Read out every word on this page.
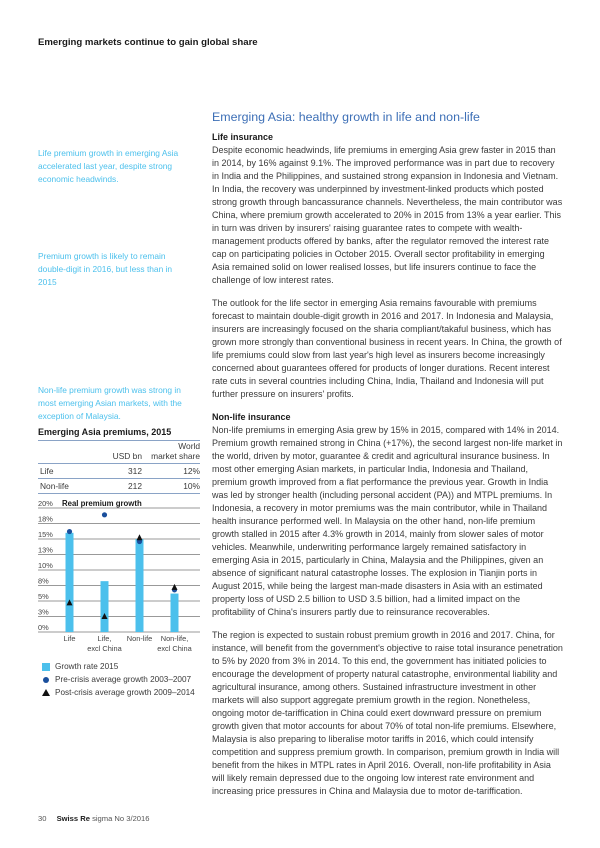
Emerging markets continue to gain global share
Emerging Asia: healthy growth in life and non-life
Life premium growth in emerging Asia accelerated last year, despite strong economic headwinds.
Premium growth is likely to remain double-digit in 2016, but less than in 2015
Non-life premium growth was strong in most emerging Asian markets, with the exception of Malaysia.
Life insurance

Despite economic headwinds, life premiums in emerging Asia grew faster in 2015 than in 2014, by 16% against 9.1%. The improved performance was in part due to recovery in India and the Philippines, and sustained strong expansion in Indonesia and Vietnam. In India, the recovery was underpinned by investment-linked products which posted strong growth through bancassurance channels. Nevertheless, the main contributor was China, where premium growth accelerated to 20% in 2015 from 13% a year earlier. This in turn was driven by insurers' raising guarantee rates to compete with wealth-management products offered by banks, after the regulator removed the interest rate cap on participating policies in October 2015. Overall sector profitability in emerging Asia remained solid on lower realised losses, but life insurers continue to face the challenge of low interest rates.

The outlook for the life sector in emerging Asia remains favourable with premiums forecast to maintain double-digit growth in 2016 and 2017. In Indonesia and Malaysia, insurers are increasingly focused on the sharia compliant/takaful business, which has grown more strongly than conventional business in recent years. In China, the growth of life premiums could slow from last year's high level as insurers become increasingly concerned about guarantees offered for products of longer durations. Recent interest rate cuts in several countries including China, India, Thailand and Indonesia will put further pressure on insurers' profits.

Non-life insurance

Non-life premiums in emerging Asia grew by 15% in 2015, compared with 14% in 2014. Premium growth remained strong in China (+17%), the second largest non-life market in the world, driven by motor, guarantee & credit and agricultural insurance business. In most other emerging Asian markets, in particular India, Indonesia and Thailand, premium growth improved from a flat performance the previous year. Growth in India was led by stronger health (including personal accident (PA)) and MTPL premiums. In Indonesia, a recovery in motor premiums was the main contributor, while in Thailand health insurance performed well. In Malaysia on the other hand, non-life premium growth stalled in 2015 after 4.3% growth in 2014, mainly from slower sales of motor vehicles. Meanwhile, underwriting performance largely remained satisfactory in emerging Asia in 2015, particularly in China, Malaysia and the Philippines, given an absence of significant natural catastrophe losses. The explosion in Tianjin ports in August 2015, while being the largest man-made disasters in Asia with an estimated property loss of USD 2.5 billion to USD 3.5 billion, had a limited impact on the profitability of China's insurers partly due to reinsurance recoverables.

The region is expected to sustain robust premium growth in 2016 and 2017. China, for instance, will benefit from the government's objective to raise total insurance penetration to 5% by 2020 from 3% in 2014. To this end, the government has initiated policies to encourage the development of property natural catastrophe, environmental liability and agricultural insurance, among others. Sustained infrastructure investment in other markets will also support aggregate premium growth in the region. Nonetheless, ongoing motor de-tariffication in China could exert downward pressure on premium growth given that motor accounts for about 70% of total non-life premiums. Elsewhere, Malaysia is also preparing to liberalise motor tariffs in 2016, which could intensify competition and suppress premium growth. In comparison, premium growth in India will benefit from the hikes in MTPL rates in April 2016. Overall, non-life profitability in Asia will likely remain depressed due to the ongoing low interest rate environment and increasing price pressures in China and Malaysia due to motor de-tariffication.

Emerging Asia premiums, 2015
USD bn
World
market share
Life	312	12%
Non-life	212	10%
20%
18%
15%
13%
10%
8%
5%
3%
0%
Real premium growth
Life	Life,
excl China
Non-life Non-life,
excl China
Growth rate 2015
Pre-crisis average growth 2003–2007
Post-crisis average growth 2009–2014
30 Swiss Re sigma No 3/2016
